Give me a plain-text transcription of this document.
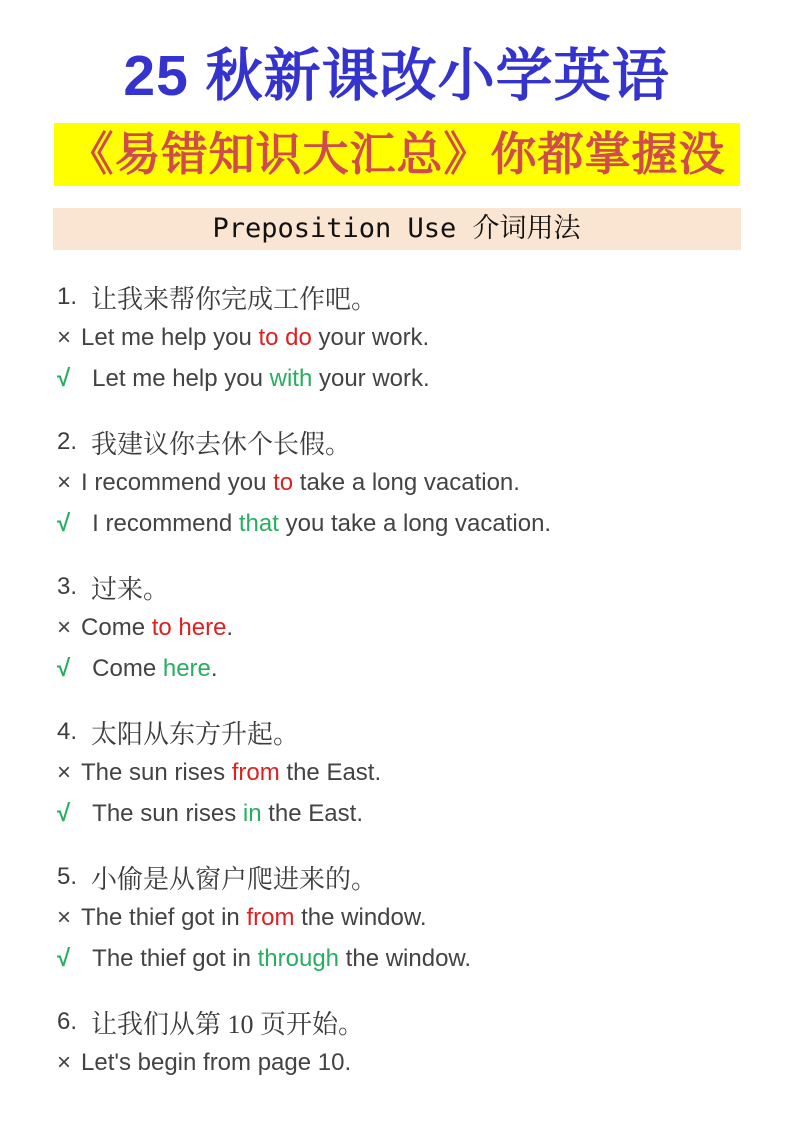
25 秋新课改小学英语
《易错知识大汇总》你都掌握没
Preposition Use 介词用法
1. 让我来帮你完成工作吧。
× Let me help you to do your work.
√ Let me help you with your work.
2. 我建议你去休个长假。
× I recommend you to take a long vacation.
√ I recommend that you take a long vacation.
3. 过来。
× Come to here.
√ Come here.
4. 太阳从东方升起。
× The sun rises from the East.
√ The sun rises in the East.
5. 小偷是从窗户爬进来的。
× The thief got in from the window.
√ The thief got in through the window.
6. 让我们从第 10 页开始。
× Let's begin from page 10.
